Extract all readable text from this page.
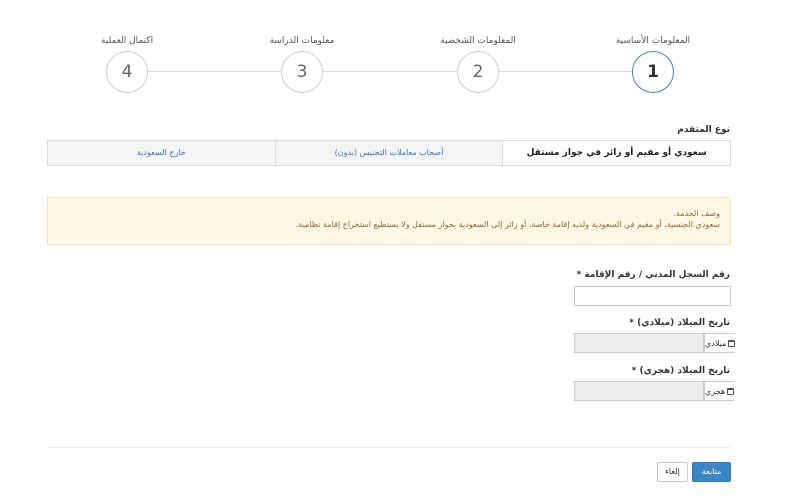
المعلومات الأساسية
1
المعلومات الشخصية
2
معلومات الدراسة
3
اكتمال العملية
4
نوع المتقدم
سعودي أو مقيم أو زائر في جواز مستقل
أصحاب معاملات التجنيس (بدون)
خارج السعودية
وصف الخدمة.
سعودي الجنسية، أو مقيم في السعودية ولديه إقامة خاصة، أو زائر إلى السعودية بجواز مستقل ولا يستطيع استخراج إقامة نظامية.
رقم السجل المدني / رقم الإقامة *
تاريخ الميلاد (ميلادي) *
ميلادي
تاريخ الميلاد (هجري) *
هجري
متابعة
إلغاء
